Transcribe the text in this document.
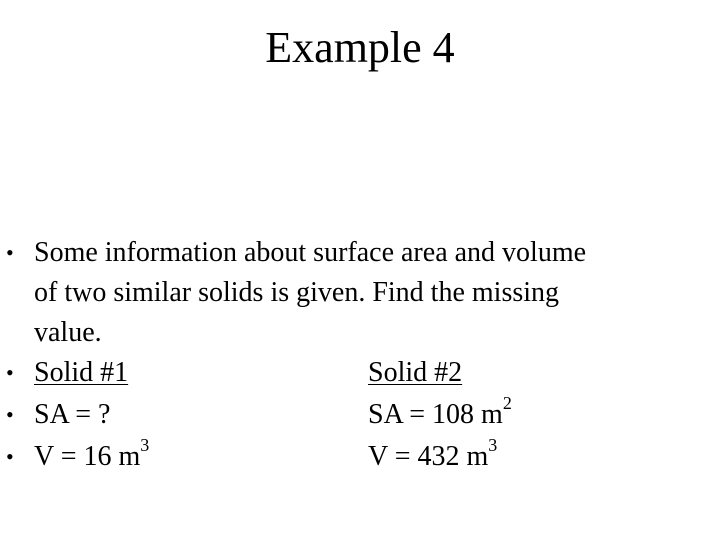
Example 4
• Some information about surface area and volume of two similar solids is given. Find the missing value.
• Solid #1	Solid #2
• SA = ?	SA = 108 $m^2$
• V = 16 $m^3$	V = 432 $m^3$
